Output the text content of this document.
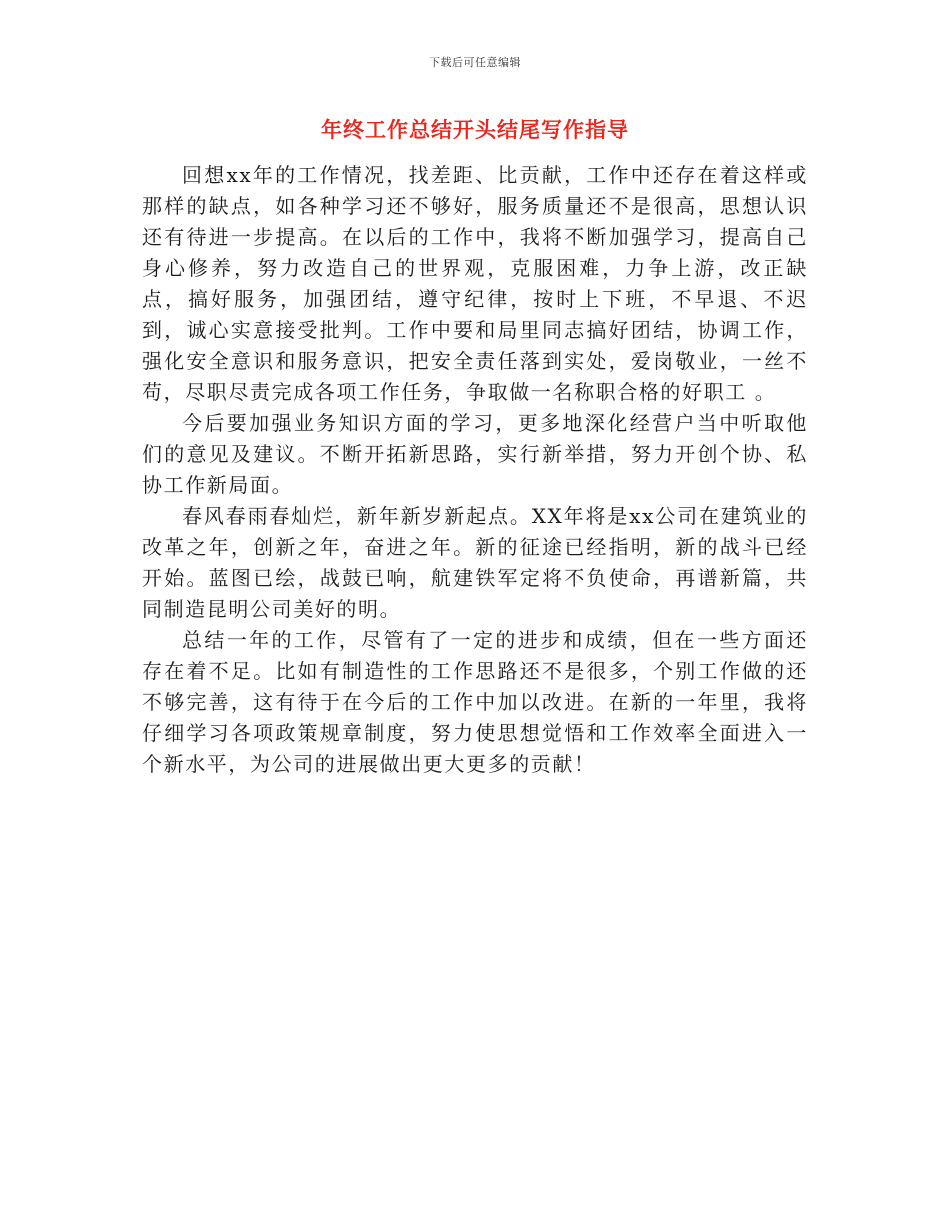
下载后可任意编辑
年终工作总结开头结尾写作指导

回想xx年的工作情况，找差距、比贡献，工作中还存在着这样或那样的缺点，如各种学习还不够好，服务质量还不是很高，思想认识还有待进一步提高。在以后的工作中，我将不断加强学习，提高自己身心修养，努力改造自己的世界观，克服困难，力争上游，改正缺点，搞好服务，加强团结，遵守纪律，按时上下班，不早退、不迟到，诚心实意接受批判。工作中要和局里同志搞好团结，协调工作，强化安全意识和服务意识，把安全责任落到实处，爱岗敬业，一丝不苟，尽职尽责完成各项工作任务，争取做一名称职合格的好职工 。

今后要加强业务知识方面的学习，更多地深化经营户当中听取他们的意见及建议。不断开拓新思路，实行新举措，努力开创个协、私协工作新局面。

春风春雨春灿烂，新年新岁新起点。XX年将是xx公司在建筑业的改革之年，创新之年，奋进之年。新的征途已经指明，新的战斗已经开始。蓝图已绘，战鼓已响，航建铁军定将不负使命，再谱新篇，共同制造昆明公司美好的明。

总结一年的工作，尽管有了一定的进步和成绩，但在一些方面还存在着不足。比如有制造性的工作思路还不是很多，个别工作做的还不够完善，这有待于在今后的工作中加以改进。在新的一年里，我将仔细学习各项政策规章制度，努力使思想觉悟和工作效率全面进入一个新水平，为公司的进展做出更大更多的贡献！
